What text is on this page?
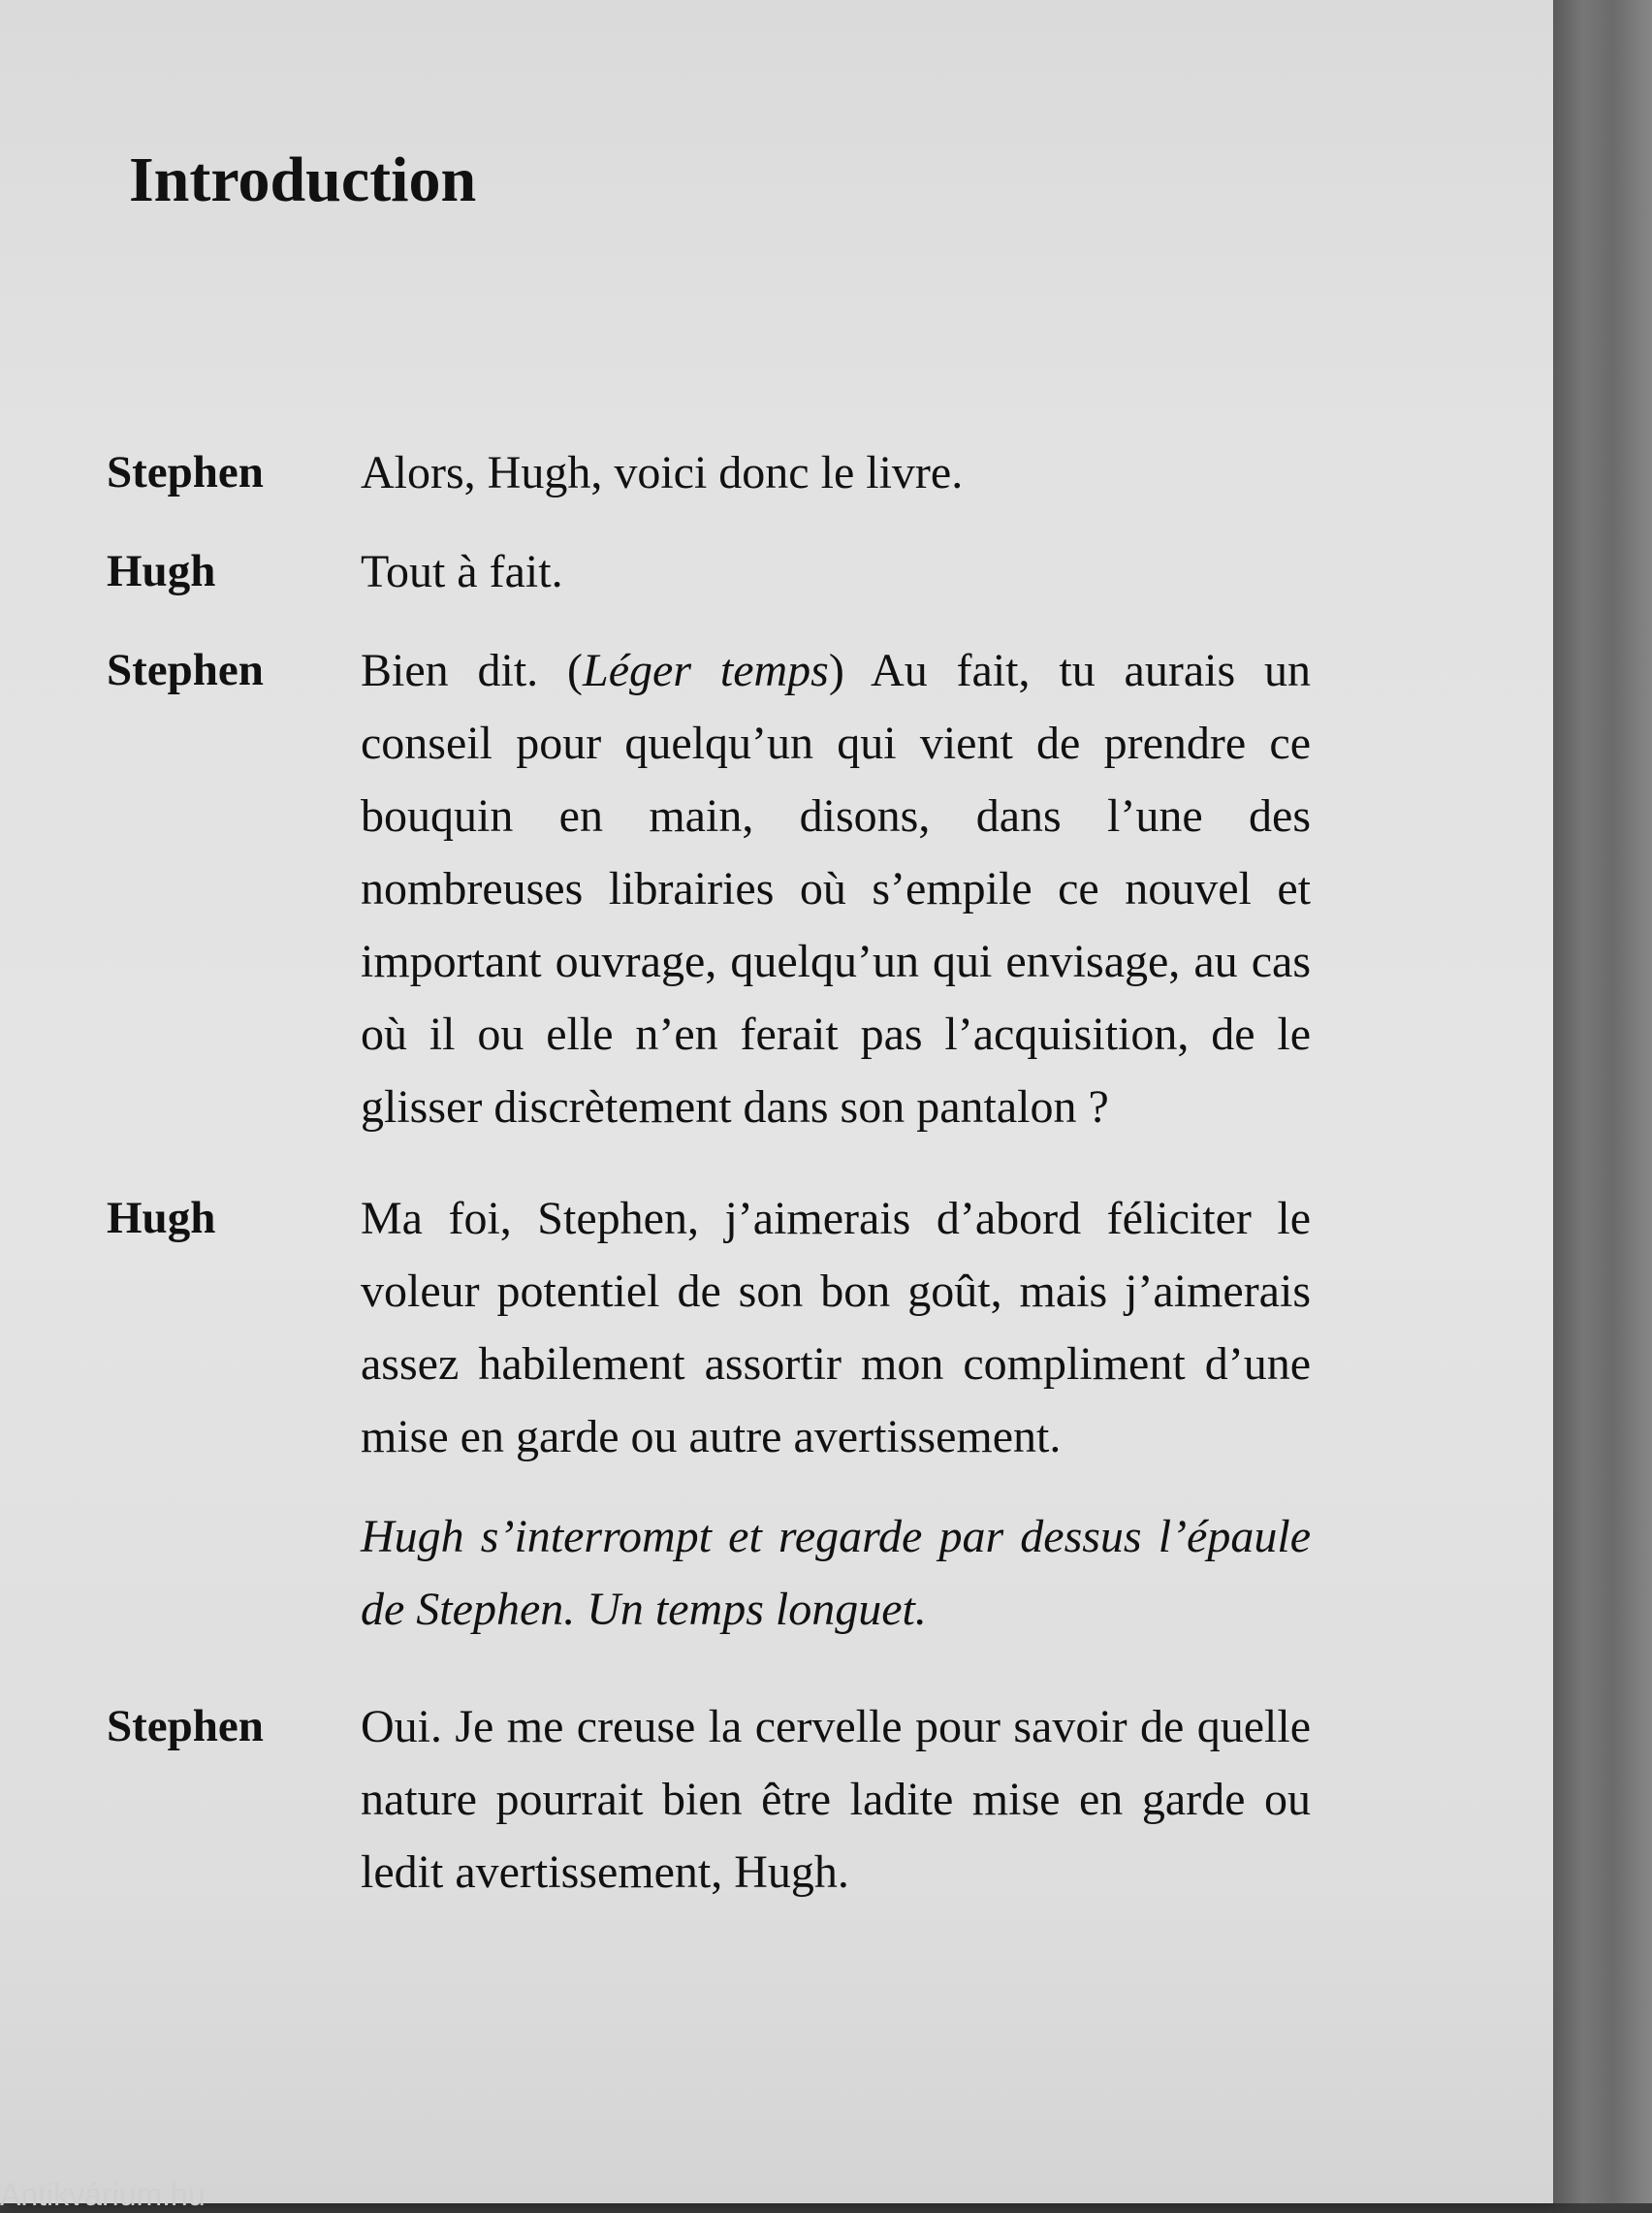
Introduction
Stephen	Alors, Hugh, voici donc le livre.
Hugh	Tout à fait.
Stephen	Bien dit. (Léger temps) Au fait, tu aurais un conseil pour quelqu’un qui vient de prendre ce bouquin en main, disons, dans l’une des nombreuses librairies où s’empile ce nouvel et important ouvrage, quelqu’un qui envisage, au cas où il ou elle n’en ferait pas l’acquisition, de le glisser discrètement dans son pantalon ?
Hugh	Ma foi, Stephen, j’aimerais d’abord féliciter le voleur potentiel de son bon goût, mais j’aimerais assez habilement assortir mon compliment d’une mise en garde ou autre avertissement.
Hugh s’interrompt et regarde par dessus l’épaule de Stephen. Un temps longuet.
Stephen	Oui. Je me creuse la cervelle pour savoir de quelle nature pourrait bien être ladite mise en garde ou ledit avertissement, Hugh.
Antikvárium.hu
